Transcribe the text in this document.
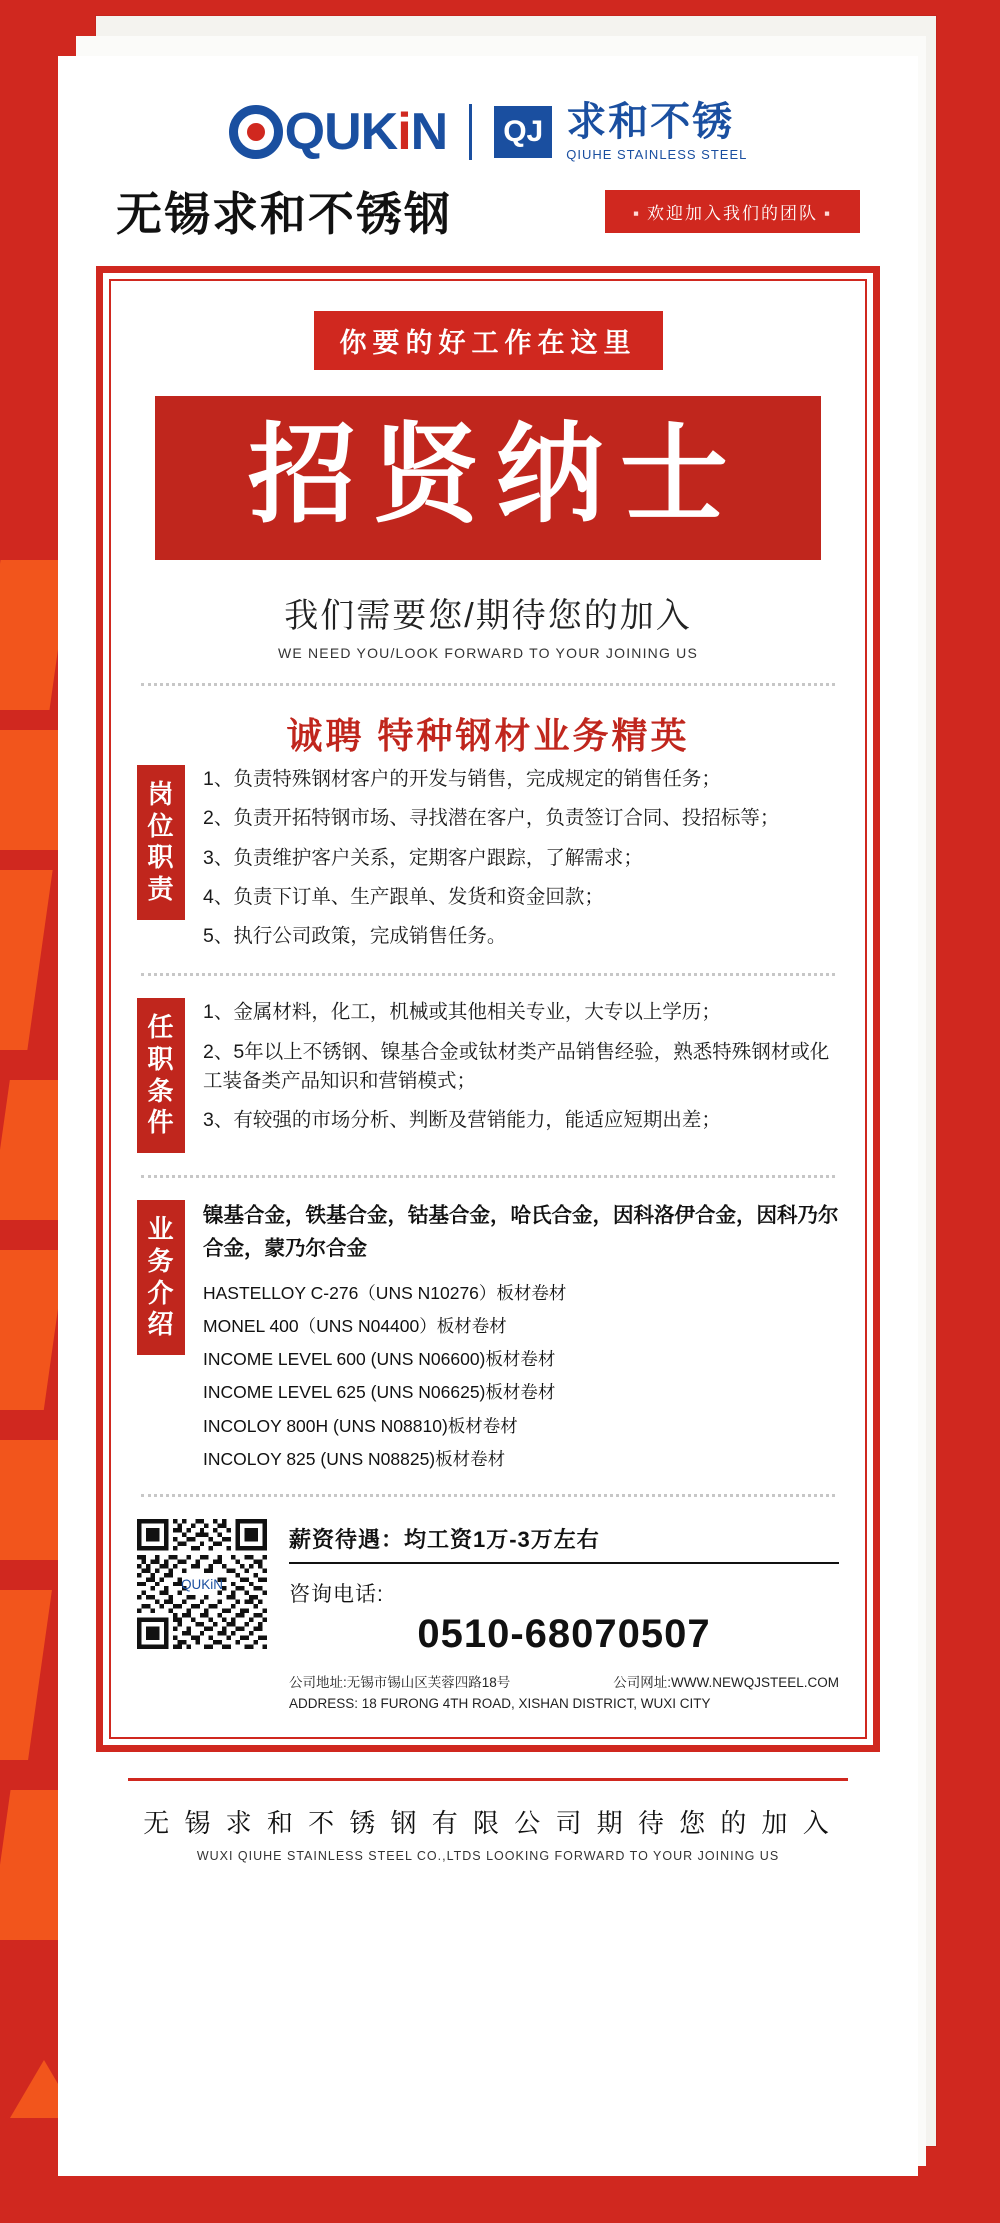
QUKiN QJ 求和不锈
QIUHE STAINLESS STEEL
无锡求和不锈钢	▪ 欢迎加入我们的团队 ▪
你要的好工作在这里
招贤纳士
我们需要您/期待您的加入
WE NEED YOU/LOOK FORWARD TO YOUR JOINING US
诚聘 特种钢材业务精英
岗
位
职
责

1、负责特殊钢材客户的开发与销售，完成规定的销售任务；

2、负责开拓特钢市场、寻找潜在客户，负责签订合同、投招标等；

3、负责维护客户关系，定期客户跟踪，了解需求；

4、负责下订单、生产跟单、发货和资金回款；

5、执行公司政策，完成销售任务。

任
职
条
件

1、金属材料，化工，机械或其他相关专业，大专以上学历；

2、5年以上不锈钢、镍基合金或钛材类产品销售经验，熟悉特殊钢材或化工装备类产品知识和营销模式；

3、有较强的市场分析、判断及营销能力，能适应短期出差；

业
务
介
绍
镍基合金，铁基合金，钴基合金，哈氏合金，因科洛伊合金，因科乃尔合金，蒙乃尔合金

HASTELLOY C-276（UNS N10276）板材卷材

MONEL 400（UNS N04400）板材卷材

INCOME LEVEL 600 (UNS N06600)板材卷材

INCOME LEVEL 625 (UNS N06625)板材卷材

INCOLOY 800H (UNS N08810)板材卷材

INCOLOY 825 (UNS N08825)板材卷材

QUKiN
薪资待遇：均工资1万-3万左右
咨询电话:
0510-68070507
公司地址:无锡市锡山区芙蓉四路18号	公司网址:WWW.NEWQJSTEEL.COM
ADDRESS: 18 FURONG 4TH ROAD, XISHAN DISTRICT, WUXI CITY
无 锡 求 和 不 锈 钢 有 限 公 司 期 待 您 的 加 入
WUXI QIUHE STAINLESS STEEL CO.,LTDS LOOKING FORWARD TO YOUR JOINING US
